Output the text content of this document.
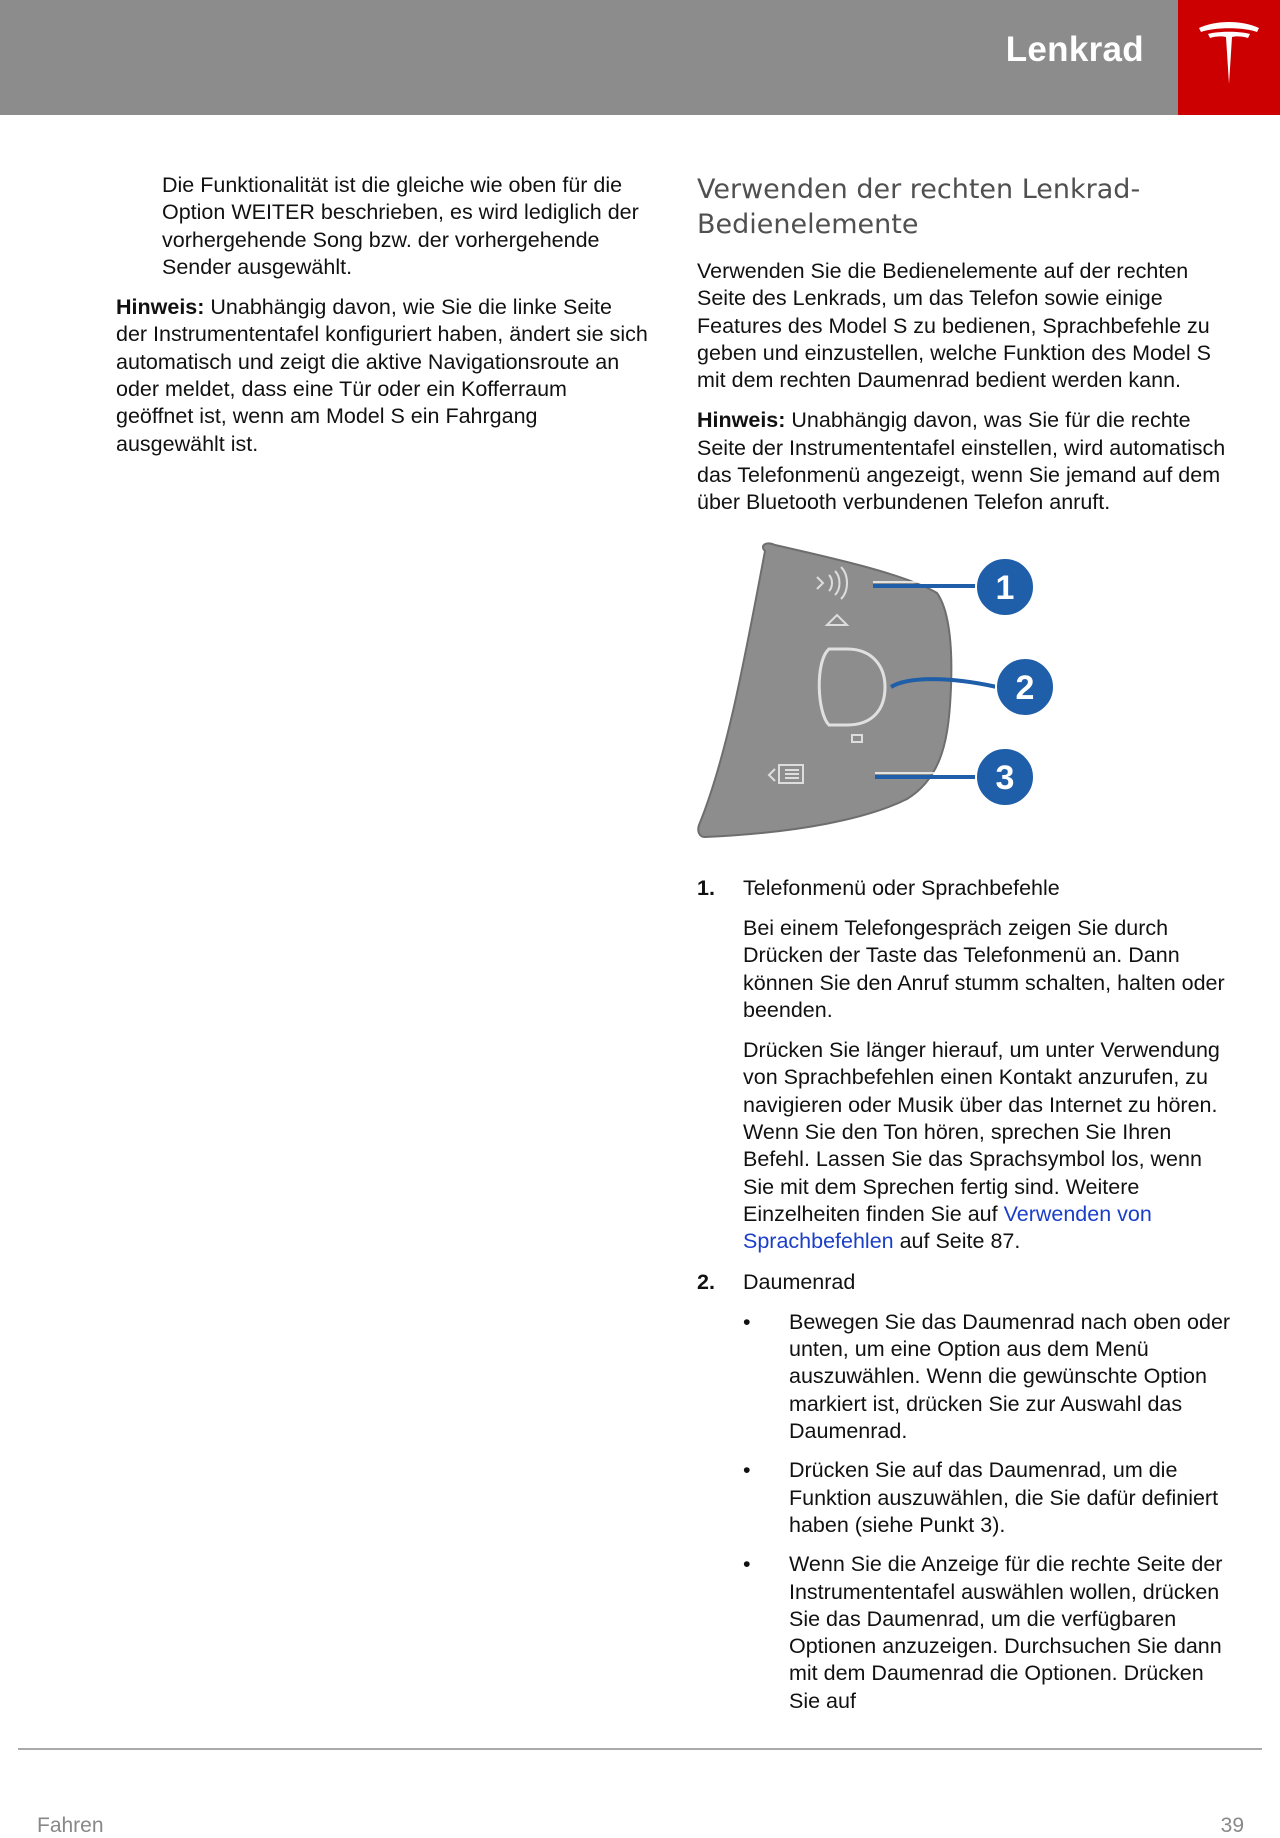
Lenkrad

Die Funktionalität ist die gleiche wie oben für die Option WEITER beschrieben, es wird lediglich der vorhergehende Song bzw. der vorhergehende Sender ausgewählt.

Hinweis: Unabhängig davon, wie Sie die linke Seite der Instrumententafel konfiguriert haben, ändert sie sich automatisch und zeigt die aktive Navigationsroute an oder meldet, dass eine Tür oder ein Kofferraum geöffnet ist, wenn am Model S ein Fahrgang ausgewählt ist.

Verwenden der rechten Lenkrad-
Bedienelemente

Verwenden Sie die Bedienelemente auf der rechten Seite des Lenkrads, um das Telefon sowie einige Features des Model S zu bedienen, Sprachbefehle zu geben und einzustellen, welche Funktion des Model S mit dem rechten Daumenrad bedient werden kann.

Hinweis: Unabhängig davon, was Sie für die rechte Seite der Instrumententafel einstellen, wird automatisch das Telefonmenü angezeigt, wenn Sie jemand auf dem über Bluetooth verbundenen Telefon anruft.

1
2
3
1. Telefonmenü oder Sprachbefehle

Bei einem Telefongespräch zeigen Sie durch Drücken der Taste das Telefonmenü an. Dann können Sie den Anruf stumm schalten, halten oder beenden.

Drücken Sie länger hierauf, um unter Verwendung von Sprachbefehlen einen Kontakt anzurufen, zu navigieren oder Musik über das Internet zu hören. Wenn Sie den Ton hören, sprechen Sie Ihren Befehl. Lassen Sie das Sprachsymbol los, wenn Sie mit dem Sprechen fertig sind. Weitere Einzelheiten finden Sie auf Verwenden von Sprachbefehlen auf Seite 87.

2. Daumenrad
• Bewegen Sie das Daumenrad nach oben oder unten, um eine Option aus dem Menü auszuwählen. Wenn die gewünschte Option markiert ist, drücken Sie zur Auswahl das Daumenrad.
• Drücken Sie auf das Daumenrad, um die Funktion auszuwählen, die Sie dafür definiert haben (siehe Punkt 3).
• Wenn Sie die Anzeige für die rechte Seite der Instrumententafel auswählen wollen, drücken Sie das Daumenrad, um die verfügbaren Optionen anzuzeigen. Durchsuchen Sie dann mit dem Daumenrad die Optionen. Drücken Sie auf
Fahren	39
